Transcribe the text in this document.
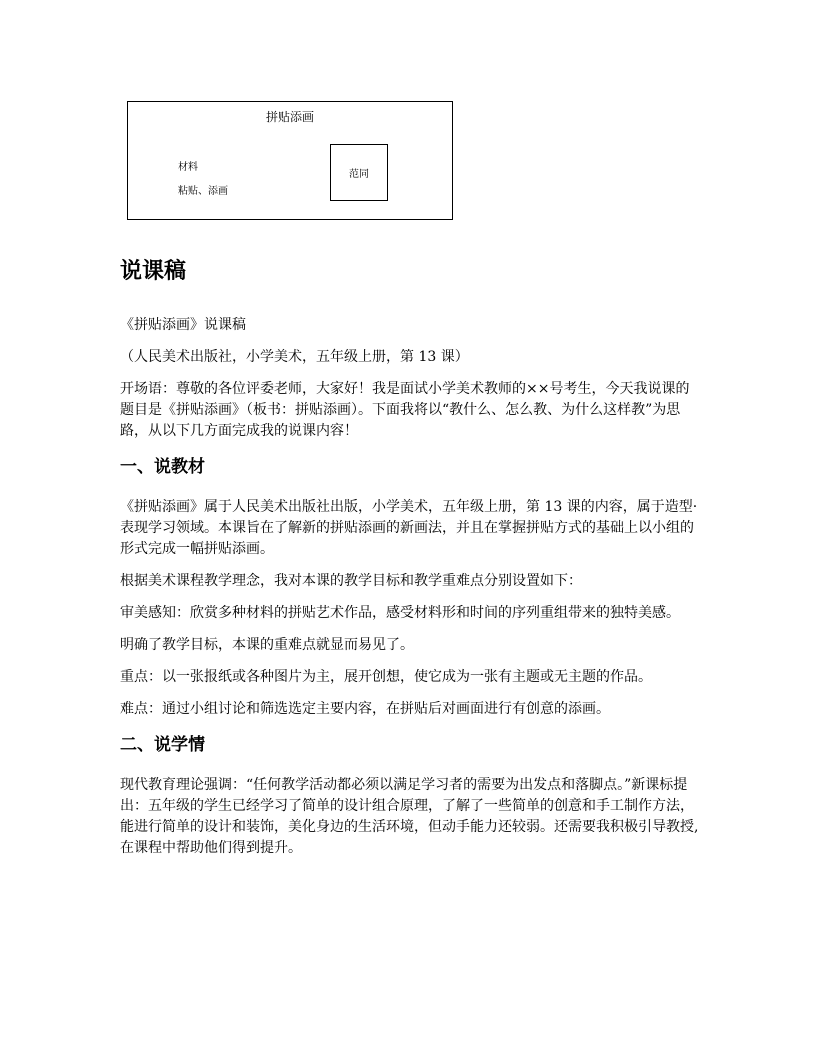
拼贴添画
材料
粘贴、添画
范同
说课稿

《拼贴添画》说课稿

（人民美术出版社，小学美术，五年级上册，第 13 课）

开场语：尊敬的各位评委老师，大家好！我是面试小学美术教师的××号考生，今天我说课的题目是《拼贴添画》（板书：拼贴添画）。下面我将以“教什么、怎么教、为什么这样教”为思路，从以下几方面完成我的说课内容！

一、说教材

《拼贴添画》属于人民美术出版社出版，小学美术，五年级上册，第 13 课的内容，属于造型·表现学习领域。本课旨在了解新的拼贴添画的新画法，并且在掌握拼贴方式的基础上以小组的形式完成一幅拼贴添画。

根据美术课程教学理念，我对本课的教学目标和教学重难点分别设置如下：

审美感知：欣赏多种材料的拼贴艺术作品，感受材料形和时间的序列重组带来的独特美感。

明确了教学目标，本课的重难点就显而易见了。

重点：以一张报纸或各种图片为主，展开创想，使它成为一张有主题或无主题的作品。

难点：通过小组讨论和筛选选定主要内容，在拼贴后对画面进行有创意的添画。

二、说学情

现代教育理论强调：“任何教学活动都必须以满足学习者的需要为出发点和落脚点。”新课标提出：五年级的学生已经学习了简单的设计组合原理，了解了一些简单的创意和手工制作方法，能进行简单的设计和装饰，美化身边的生活环境，但动手能力还较弱。还需要我积极引导教授, 在课程中帮助他们得到提升。
